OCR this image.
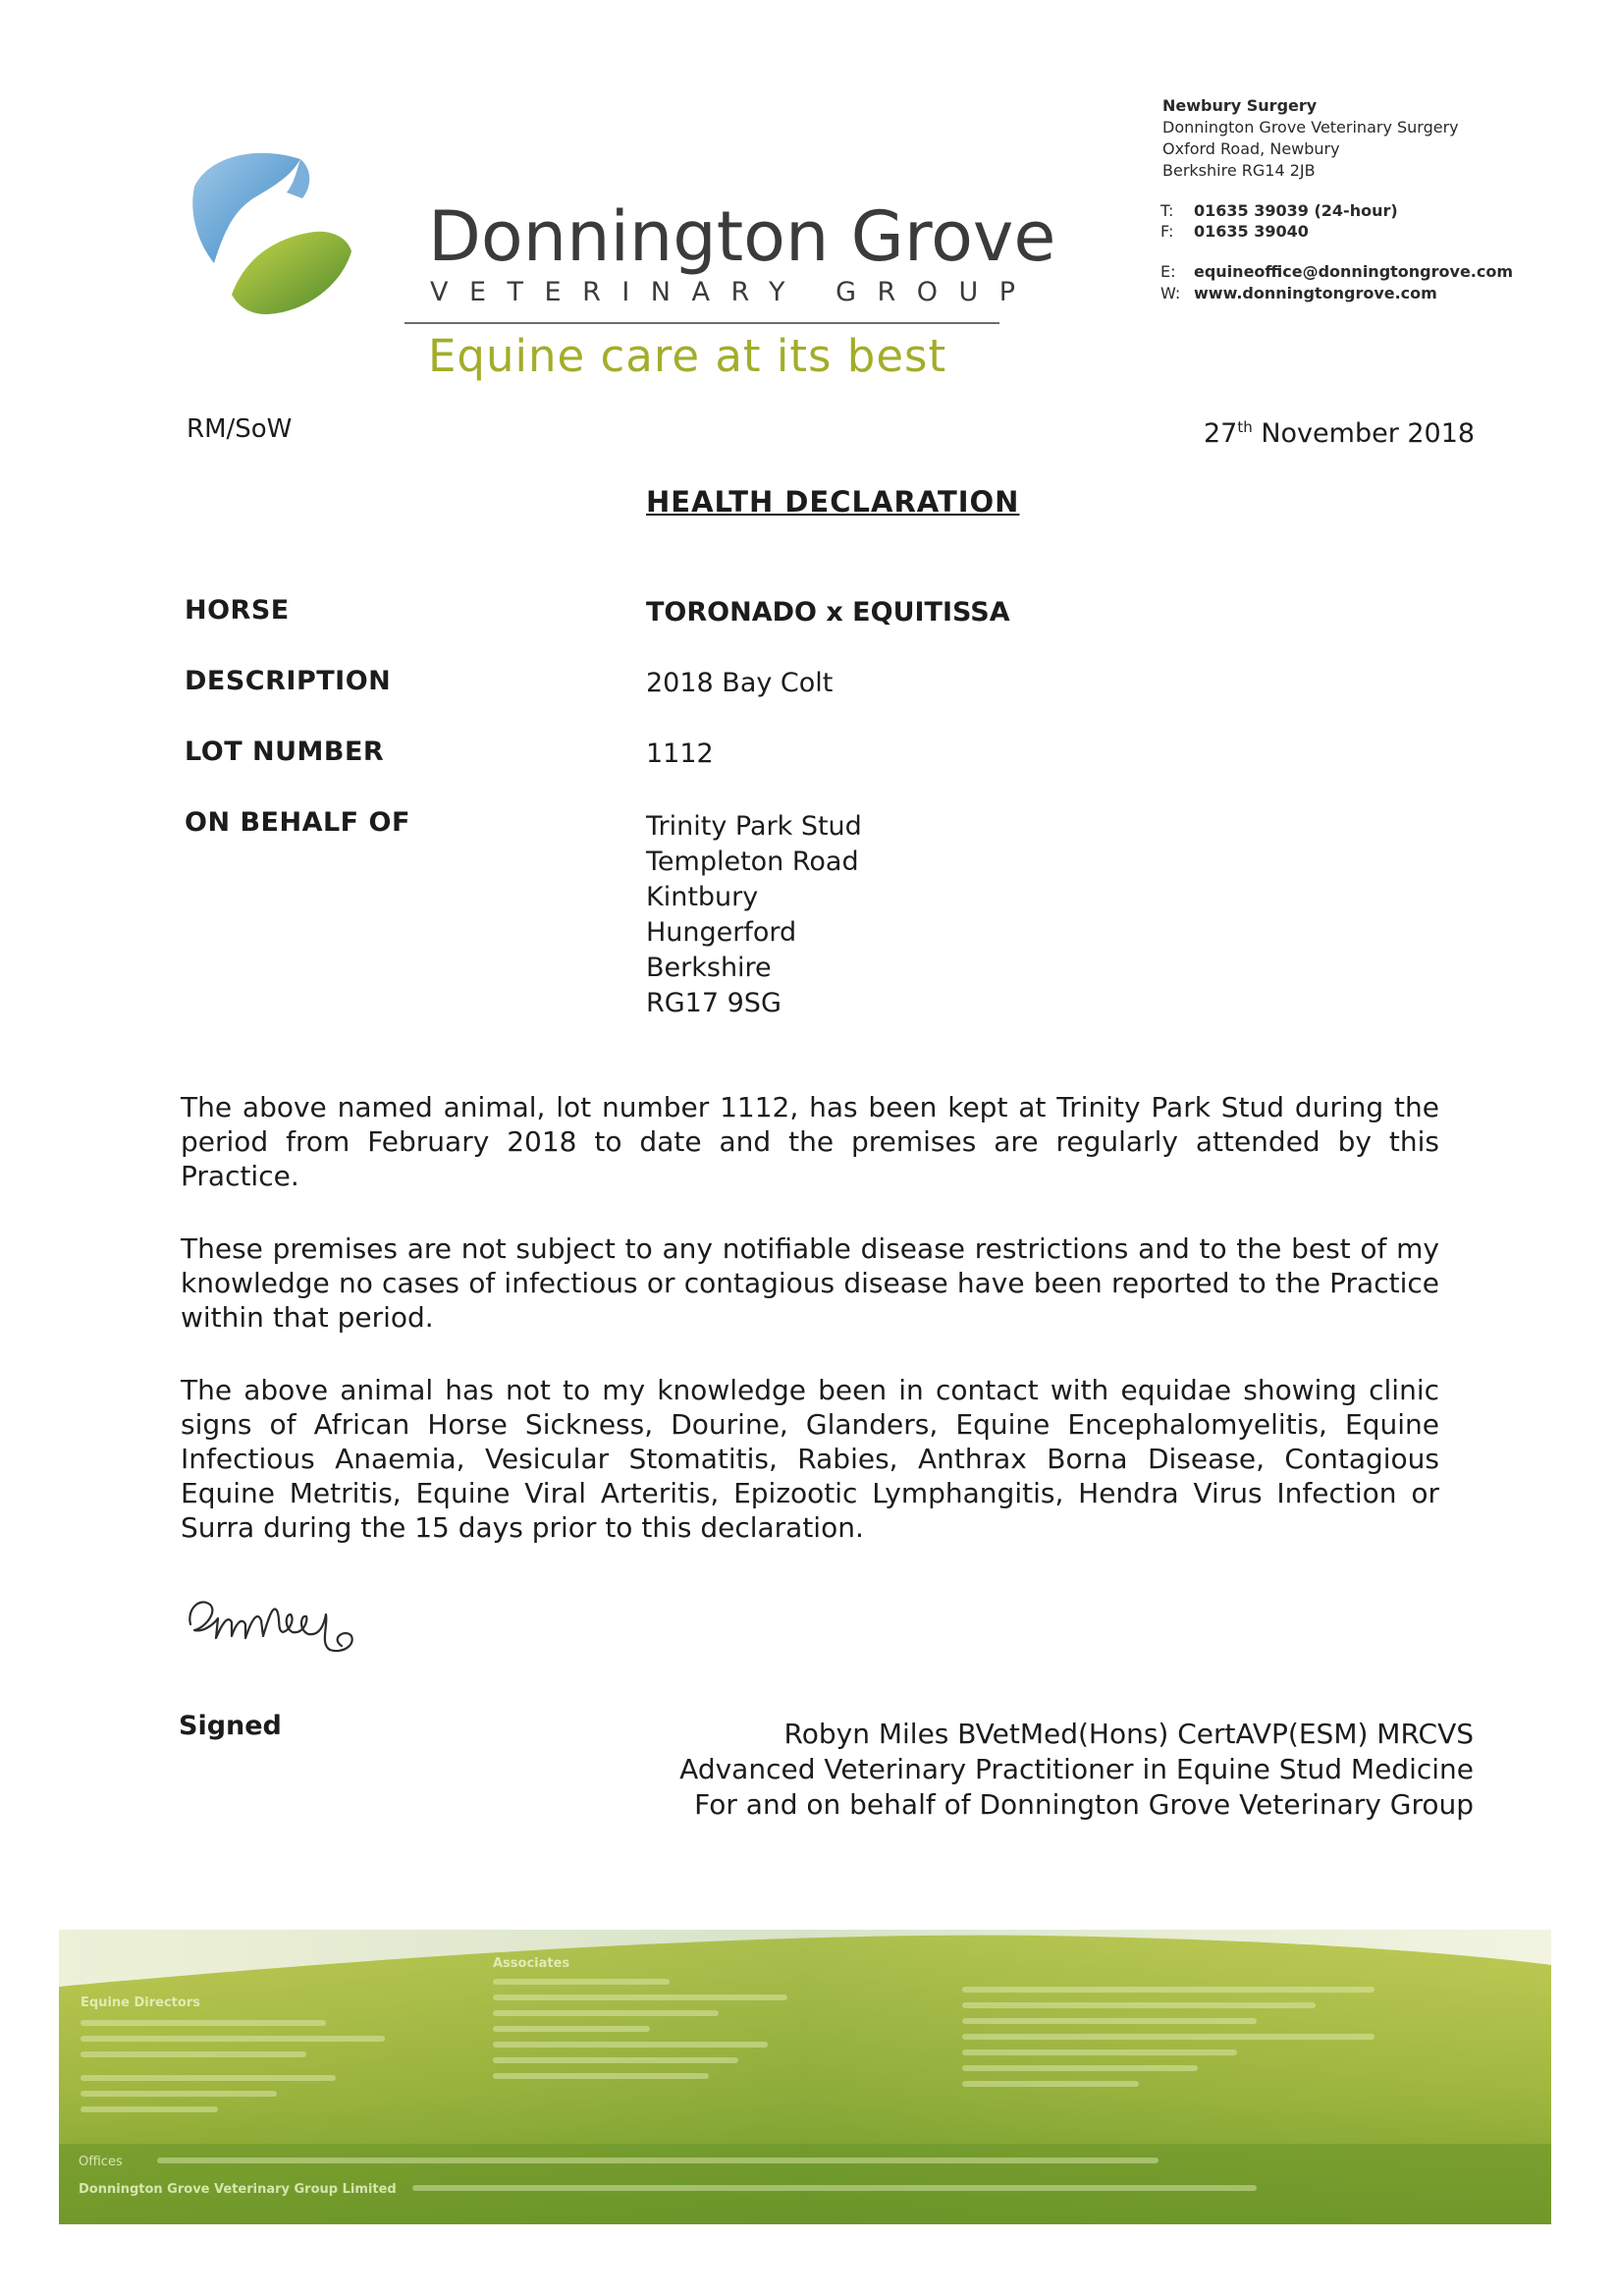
Donnington Grove
VETERINARY GROUP
Equine care at its best
Newbury Surgery
Donnington Grove Veterinary Surgery
Oxford Road, Newbury
Berkshire RG14 2JB
T: 01635 39039 (24-hour)
F: 01635 39040
E: equineoffice@donningtongrove.com
W: www.donningtongrove.com
RM/SoW	27th November 2018
HEALTH DECLARATION
HORSE	TORONADO x EQUITISSA
DESCRIPTION	2018 Bay Colt
LOT NUMBER	1112
ON BEHALF OF	Trinity Park Stud
Templeton Road
Kintbury
Hungerford
Berkshire
RG17 9SG
The above named animal, lot number 1112, has been kept at Trinity Park Stud during the period from February 2018 to date and the premises are regularly attended by this Practice.
These premises are not subject to any notifiable disease restrictions and to the best of my knowledge no cases of infectious or contagious disease have been reported to the Practice within that period.
The above animal has not to my knowledge been in contact with equidae showing clinic signs of African Horse Sickness, Dourine, Glanders, Equine Encephalomyelitis, Equine Infectious Anaemia, Vesicular Stomatitis, Rabies, Anthrax Borna Disease, Contagious Equine Metritis, Equine Viral Arteritis, Epizootic Lymphangitis, Hendra Virus Infection or Surra during the 15 days prior to this declaration.
Signed	Robyn Miles BVetMed(Hons) CertAVP(ESM) MRCVS
Advanced Veterinary Practitioner in Equine Stud Medicine
For and on behalf of Donnington Grove Veterinary Group
Equine Directors
Associates
Offices
Donnington Grove Veterinary Group Limited
